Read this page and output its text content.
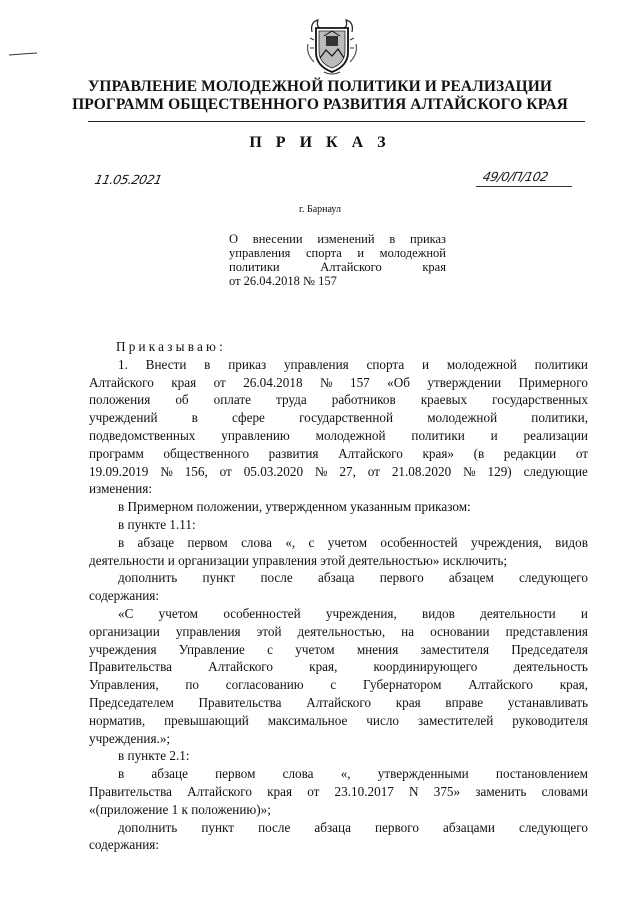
УПРАВЛЕНИЕ МОЛОДЕЖНОЙ ПОЛИТИКИ И РЕАЛИЗАЦИИ
ПРОГРАММ ОБЩЕСТВЕННОГО РАЗВИТИЯ АЛТАЙСКОГО КРАЯ
П Р И К А З
11.05.2021	49/0/П/102
г. Барнаул
О внесении изменений в приказ
управления спорта и молодежной
политики	Алтайского	края
от 26.04.2018 № 157
Приказываю:
1. Внести в приказ управления спорта и молодежной политики
Алтайского края от 26.04.2018 № 157 «Об утверждении Примерного
положения об оплате труда работников краевых государственных
учреждений	в	сфере	государственной	молодежной	политики,
подведомственных управлению молодежной политики и реализации
программ общественного развития Алтайского края» (в редакции от
19.09.2019 № 156, от 05.03.2020 № 27, от 21.08.2020 № 129) следующие
изменения:
в Примерном положении, утвержденном указанным приказом:
в пункте 1.11:
в абзаце первом слова «, с учетом особенностей учреждения, видов
деятельности и организации управления этой деятельностью» исключить;
дополнить пункт после абзаца первого абзацем следующего
содержания:
«С учетом особенностей учреждения, видов деятельности и
организации управления этой деятельностью, на основании представления
учреждения Управление с учетом мнения заместителя Председателя
Правительства	Алтайского	края,	координирующего	деятельность
Управления, по согласованию с Губернатором Алтайского края,
Председателем Правительства Алтайского края вправе устанавливать
норматив, превышающий максимальное число заместителей руководителя
учреждения.»;
в пункте 2.1:
в абзаце первом слова «, утвержденными постановлением
Правительства Алтайского края от 23.10.2017 N 375» заменить словами
«(приложение 1 к положению)»;
дополнить пункт после абзаца первого абзацами следующего
содержания:
